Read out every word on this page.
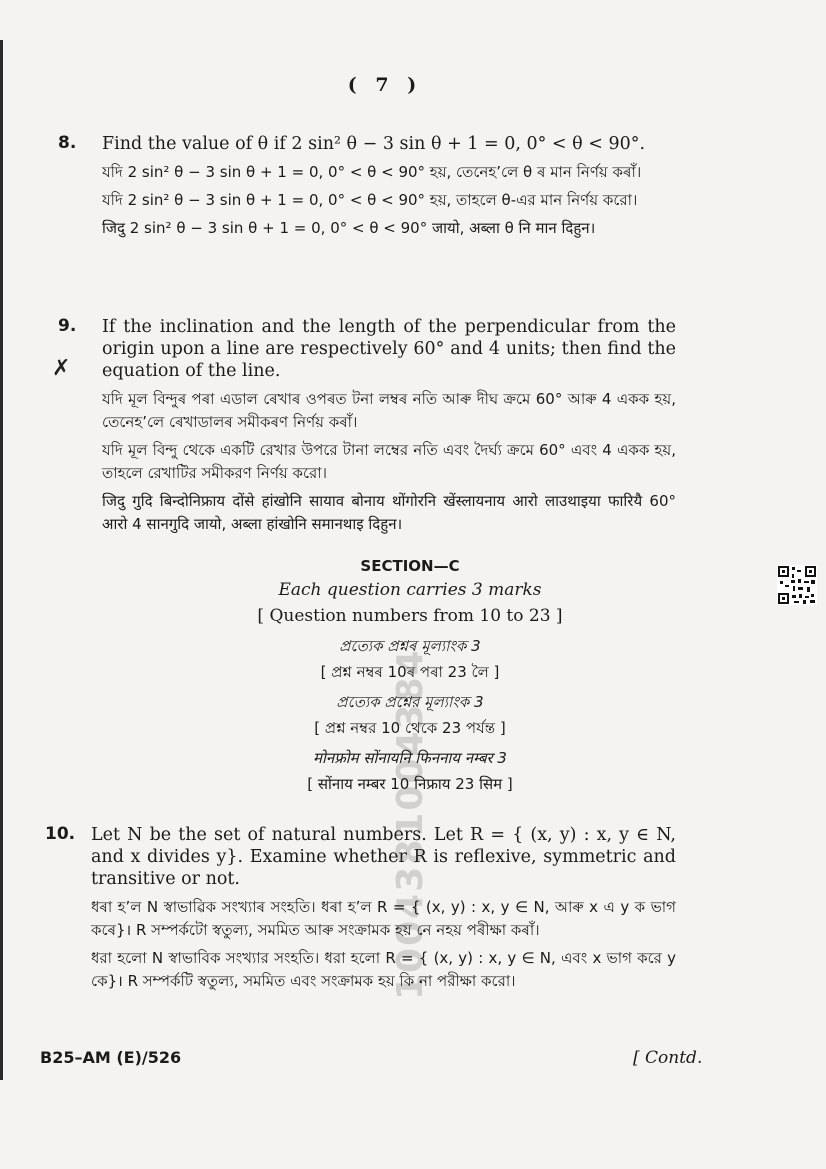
1004381004384
( 7 )
8. Find the value of θ if 2 sin² θ − 3 sin θ + 1 = 0, 0° < θ < 90°.

যদি 2 sin² θ − 3 sin θ + 1 = 0, 0° < θ < 90° হয়, তেনেহ’লে θ ৰ মান নিৰ্ণয় কৰাঁ।

যদি 2 sin² θ − 3 sin θ + 1 = 0, 0° < θ < 90° হয়, তাহলে θ-এর মান নির্ণয় করো।

जिदु 2 sin² θ − 3 sin θ + 1 = 0, 0° < θ < 90° जायो, अब्ला θ नि मान दिहुन।

✗
9. If the inclination and the length of the perpendicular from the origin upon a line are respectively 60° and 4 units; then find the equation of the line.

যদি মূল বিন্দুৰ পৰা এডাল ৰেখাৰ ওপৰত টনা লম্বৰ নতি আৰু দীঘ ক্ৰমে 60° আৰু 4 একক হয়, তেনেহ’লে ৰেখাডালৰ সমীকৰণ নিৰ্ণয় কৰাঁ।

যদি মূল বিন্দু থেকে একটি রেখার উপরে টানা লম্বের নতি এবং দৈর্ঘ্য ক্রমে 60° এবং 4 একক হয়, তাহলে রেখাটির সমীকরণ নির্ণয় করো।

जिदु गुदि बिन्दोनिफ्राय दोंसे हांखोनि सायाव बोनाय थोंगोरनि खेंस्लायनाय आरो लाउथाइया फारियै 60° आरो 4 सानगुदि जायो, अब्ला हांखोनि समानथाइ दिहुन।

SECTION—C

Each question carries 3 marks

[ Question numbers from 10 to 23 ]

প্ৰত্যেক প্ৰশ্নৰ মূল্যাংক 3

[ প্ৰশ্ন নম্বৰ 10ৰ পৰা 23 লৈ ]

প্রত্যেক প্রশ্নের মূল্যাংক 3

[ প্রশ্ন নম্বর 10 থেকে 23 পর্যন্ত ]

मोनफ्रोम सोंनायनि फिननाय नम्बर 3

[ सोंनाय नम्बर 10 निफ्राय 23 सिम ]

10. Let N be the set of natural numbers. Let R = { (x, y) : x, y ∈ N, and x divides y}. Examine whether R is reflexive, symmetric and transitive or not.

ধৰা হ’ল N স্বাভাৱিক সংখ্যাৰ সংহতি। ধৰা হ’ল R = { (x, y) : x, y ∈ N, আৰু x এ y ক ভাগ কৰে}। R সম্পৰ্কটো স্বতুল্য, সমমিত আৰু সংক্ৰামক হয় নে নহয় পৰীক্ষা কৰাঁ।

ধরা হলো N স্বাভাবিক সংখ্যার সংহতি। ধরা হলো R = { (x, y) : x, y ∈ N, এবং x ভাগ করে y কে}। R সম্পর্কটি স্বতুল্য, সমমিত এবং সংক্রামক হয় কি না পরীক্ষা করো।

B25–AM (E)/526	[ Contd.
